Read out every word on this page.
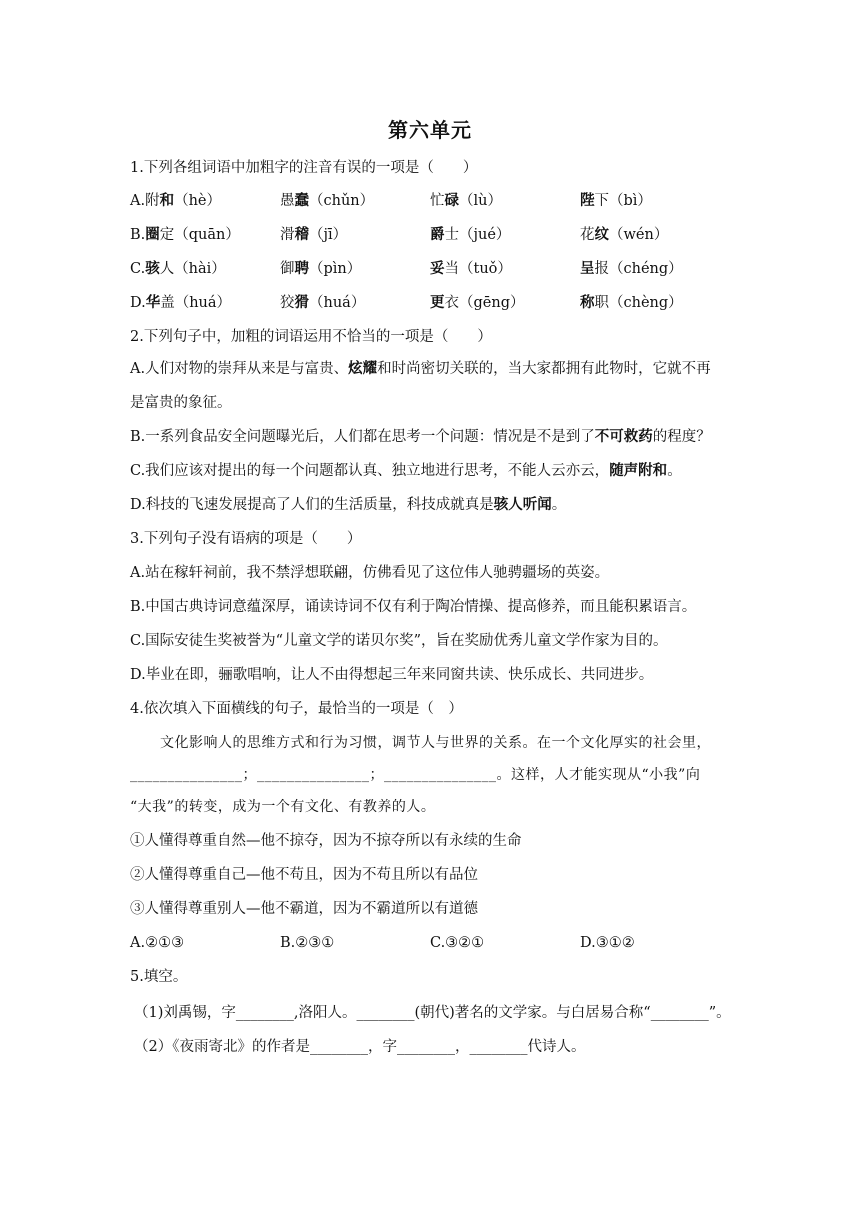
第六单元
1.下列各组词语中加粗字的注音有误的一项是（　　）
A.附和（hè）	愚蠢（chǔn）	忙碌（lù）	陛下（bì）
B.圈定（quān）	滑稽（jī）	爵士（jué）	花纹（wén）
C.骇人（hài）	御聘（pìn）	妥当（tuǒ）	呈报（chéng）
D.华盖（huá）	狡猾（huá）	更衣（gēng）	称职（chèng）
2.下列句子中，加粗的词语运用不恰当的一项是（　　）
A.人们对物的崇拜从来是与富贵、炫耀和时尚密切关联的，当大家都拥有此物时，它就不再
是富贵的象征。
B.一系列食品安全问题曝光后，人们都在思考一个问题：情况是不是到了不可救药的程度？
C.我们应该对提出的每一个问题都认真、独立地进行思考，不能人云亦云，随声附和。
D.科技的飞速发展提高了人们的生活质量，科技成就真是骇人听闻。
3.下列句子没有语病的项是（　　）
A.站在稼轩祠前，我不禁浮想联翩，仿佛看见了这位伟人驰骋疆场的英姿。
B.中国古典诗词意蕴深厚，诵读诗词不仅有利于陶冶情操、提高修养，而且能积累语言。
C.国际安徒生奖被誉为“儿童文学的诺贝尔奖”，旨在奖励优秀儿童文学作家为目的。
D.毕业在即，骊歌唱响，让人不由得想起三年来同窗共读、快乐成长、共同进步。
4.依次填入下面横线的句子，最恰当的一项是（　）
文化影响人的思维方式和行为习惯，调节人与世界的关系。在一个文化厚实的社会里，
_______________；_______________；_______________。这样，人才能实现从“小我”向
“大我”的转变，成为一个有文化、有教养的人。
①人懂得尊重自然—他不掠夺，因为不掠夺所以有永续的生命
②人懂得尊重自己—他不苟且，因为不苟且所以有品位
③人懂得尊重别人—他不霸道，因为不霸道所以有道德
A.②①③	B.②③①	C.③②①	D.③①②
5.填空。
（1)刘禹锡，字________,洛阳人。________(朝代)著名的文学家。与白居易合称“________”。
（2）《夜雨寄北》的作者是________，字________，________代诗人。
